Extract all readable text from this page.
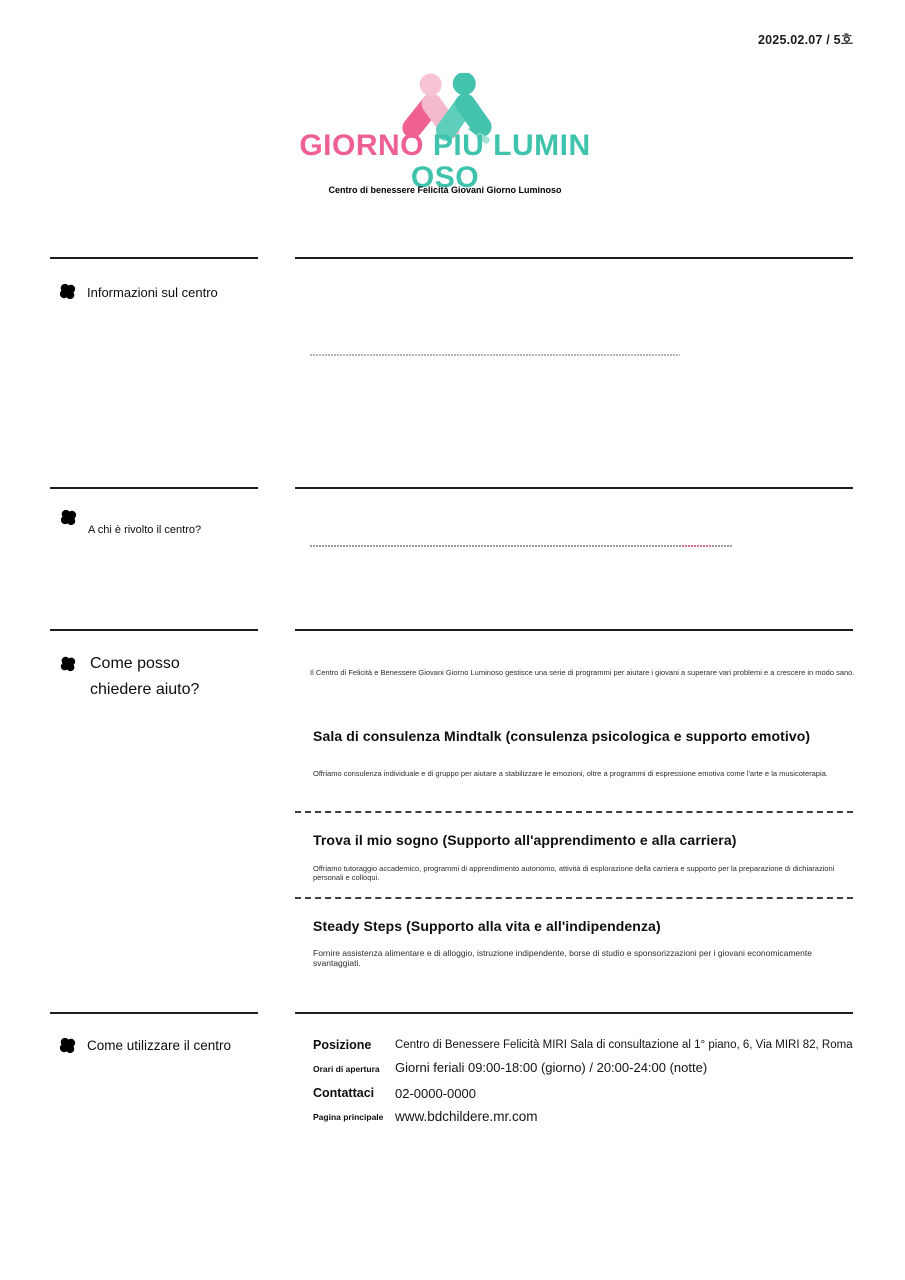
2025.02.07 / 5호
GIORNO PIÙ LUMIN
OSO
Centro di benessere Felicità Giovani Giorno Luminoso
Informazioni sul centro
A chi è rivolto il centro?
Come posso
chiedere aiuto?
Il Centro di Felicità e Benessere Giovani Giorno Luminoso gestisce una serie di programmi per aiutare i giovani a superare vari problemi e a crescere in modo sano.
Sala di consulenza Mindtalk (consulenza psicologica e supporto emotivo)
Offriamo consulenza individuale e di gruppo per aiutare a stabilizzare le emozioni, oltre a programmi di espressione emotiva come l'arte e la musicoterapia.
Trova il mio sogno (Supporto all'apprendimento e alla carriera)
Offriamo tutoraggio accademico, programmi di apprendimento autonomo, attività di esplorazione della carriera e supporto per la preparazione di dichiarazioni personali e colloqui.
Steady Steps (Supporto alla vita e all'indipendenza)
Fornire assistenza alimentare e di alloggio, istruzione indipendente, borse di studio e sponsorizzazioni per i giovani economicamente svantaggiati.
Come utilizzare il centro	Posizione Centro di Benessere Felicità MIRI Sala di consultazione al 1° piano, 6, Via MIRI 82, Roma
Orari di apertura Giorni feriali 09:00-18:00 (giorno) / 20:00-24:00 (notte)
Contattaci 02-0000-0000
Pagina principale www.bdchildere.mr.com
